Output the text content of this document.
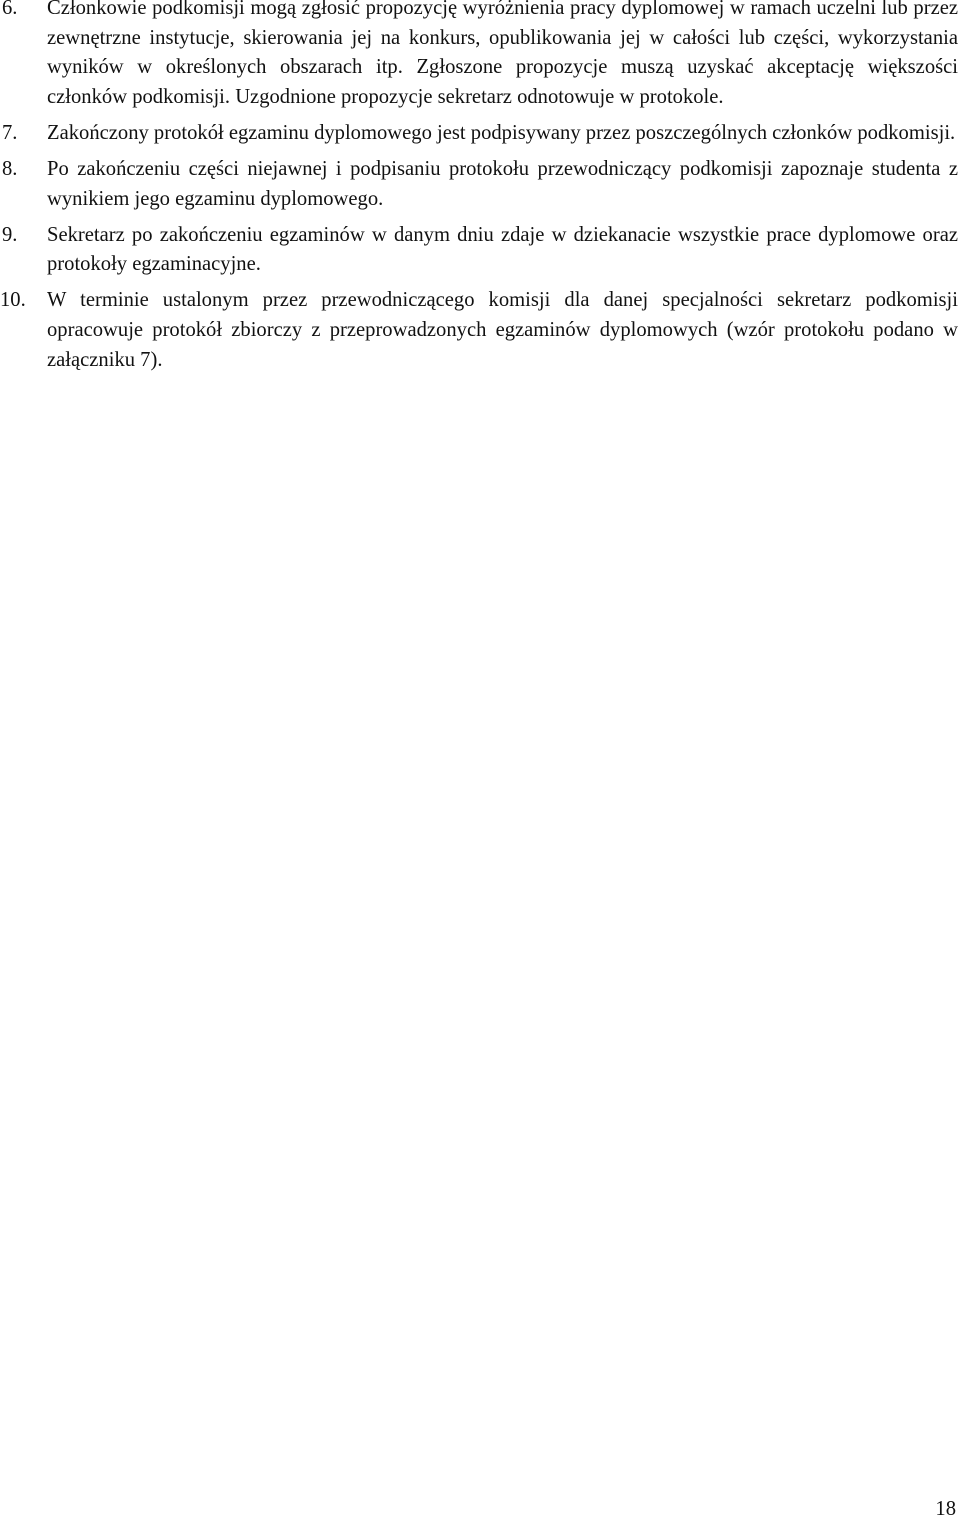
6.	Członkowie podkomisji mogą zgłosić propozycję wyróżnienia pracy dyplomowej w ramach uczelni lub przez zewnętrzne instytucje, skierowania jej na konkurs, opublikowania jej w całości lub części, wykorzystania wyników w określonych obszarach itp. Zgłoszone propozycje muszą uzyskać akceptację większości członków podkomisji. Uzgodnione propozycje sekretarz odnotowuje w protokole.
7.	Zakończony protokół egzaminu dyplomowego jest podpisywany przez poszczególnych członków podkomisji.
8.	Po zakończeniu części niejawnej i podpisaniu protokołu przewodniczący podkomisji zapoznaje studenta z wynikiem jego egzaminu dyplomowego.
9.	Sekretarz po zakończeniu egzaminów w danym dniu zdaje w dziekanacie wszystkie prace dyplomowe oraz protokoły egzaminacyjne.
10.	W terminie ustalonym przez przewodniczącego komisji dla danej specjalności sekretarz podkomisji opracowuje protokół zbiorczy z przeprowadzonych egzaminów dyplomowych (wzór protokołu podano w załączniku 7).
18
